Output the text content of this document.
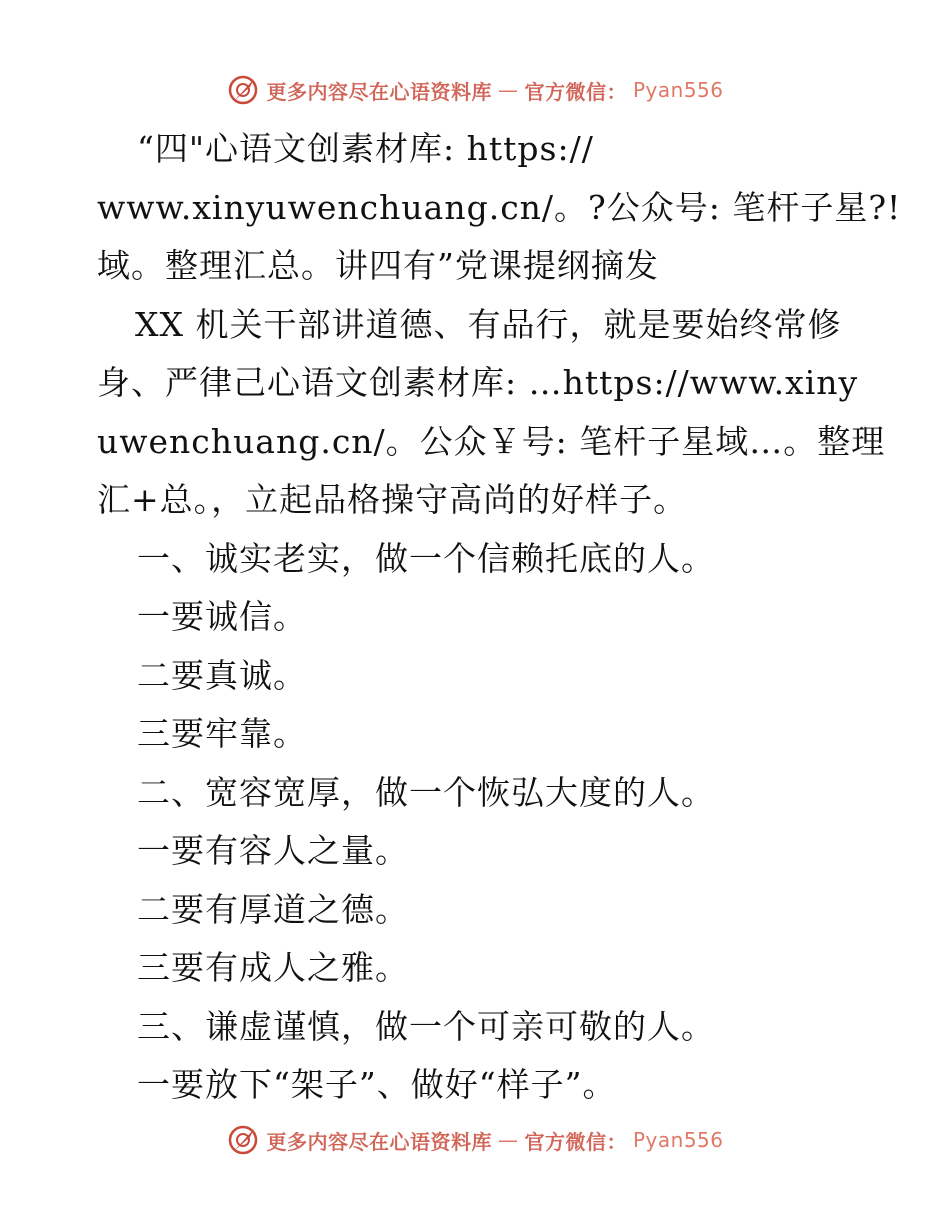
更多内容尽在心语资料库 — 官方微信： Pyan556
“四"心语文创素材库: https://
www.xinyuwenchuang.cn/。?公众号: 笔杆子星?!
域。整理汇总。讲四有”党课提纲摘发
XX 机关干部讲道德、有品行，就是要始终常修
身、严律己心语文创素材库: …https://www.xiny
uwenchuang.cn/。公众￥号: 笔杆子星域…。整理
汇+总。，立起品格操守高尚的好样子。
一、诚实老实，做一个信赖托底的人。
一要诚信。
二要真诚。
三要牢靠。
二、宽容宽厚，做一个恢弘大度的人。
一要有容人之量。
二要有厚道之德。
三要有成人之雅。
三、谦虚谨慎，做一个可亲可敬的人。
一要放下“架子”、做好“样子”。
更多内容尽在心语资料库 — 官方微信： Pyan556
